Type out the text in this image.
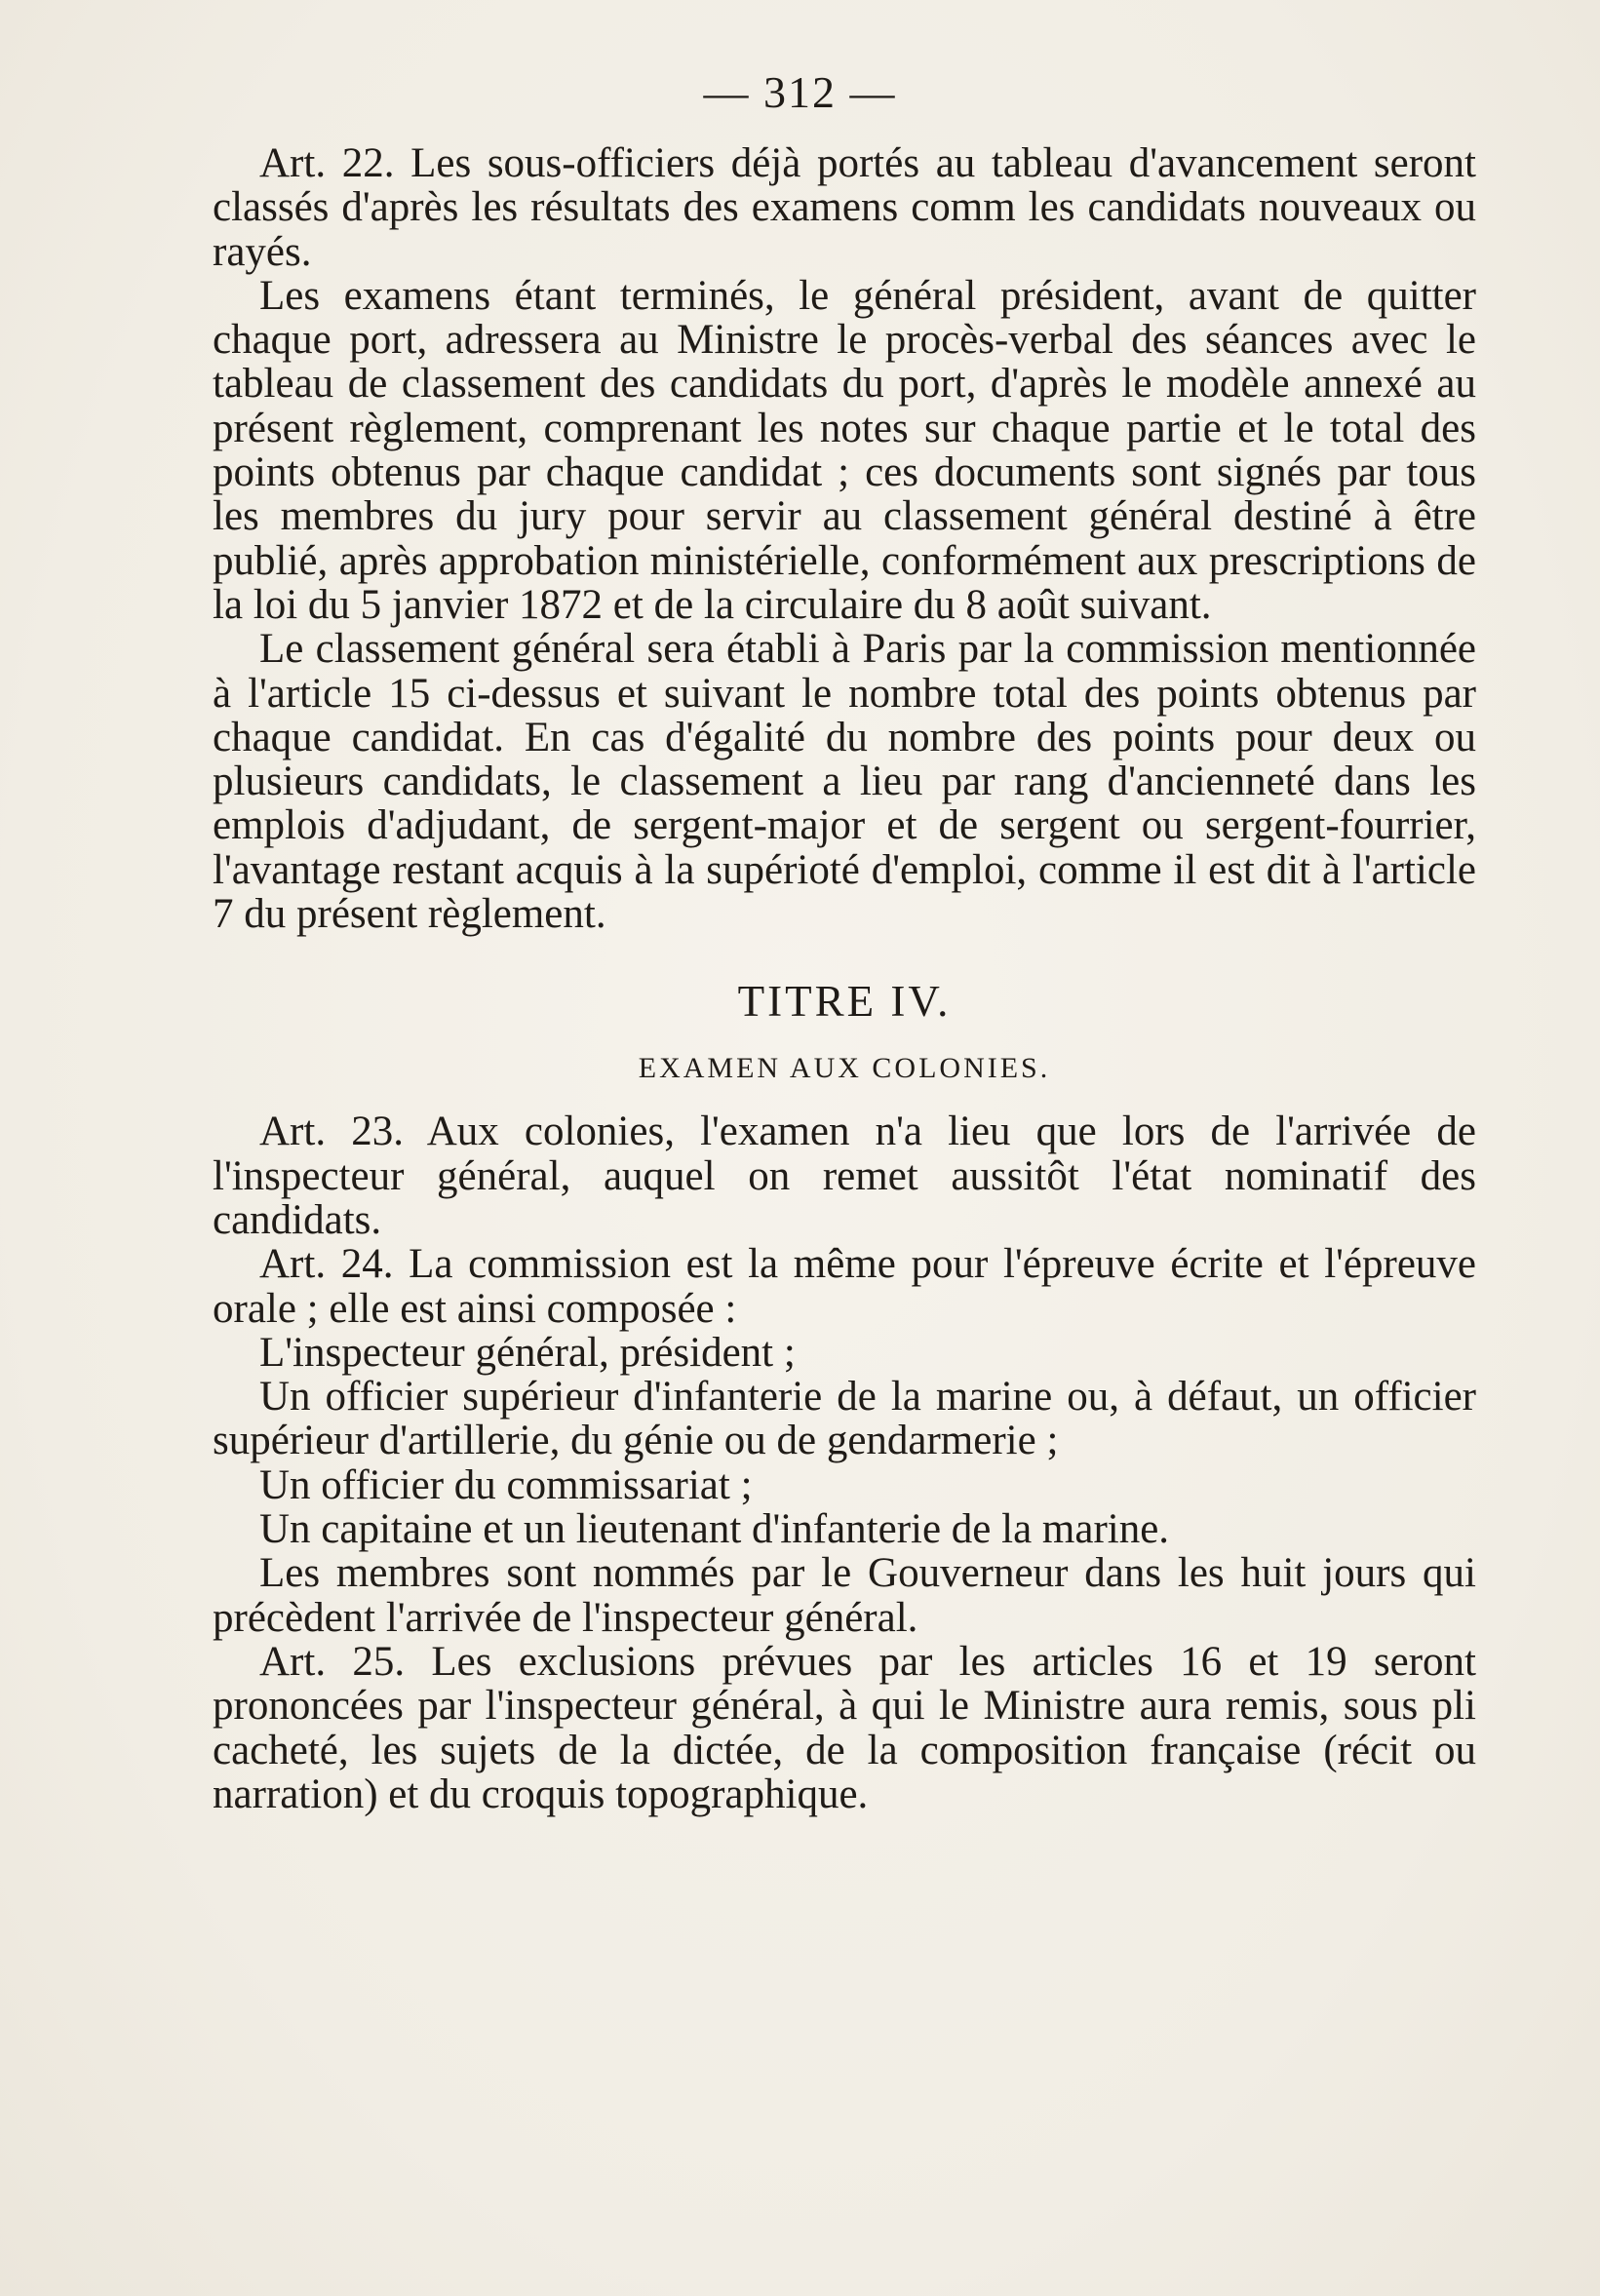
— 312 —

Art. 22. Les sous-officiers déjà portés au tableau d'avancement seront classés d'après les résultats des examens comm les candidats nouveaux ou rayés.

Les examens étant terminés, le général président, avant de quitter chaque port, adressera au Ministre le procès-verbal des séances avec le tableau de classement des candidats du port, d'après le modèle annexé au présent règlement, comprenant les notes sur chaque partie et le total des points obtenus par chaque candidat ; ces documents sont signés par tous les membres du jury pour servir au classement général destiné à être publié, après approbation ministérielle, conformément aux prescriptions de la loi du 5 janvier 1872 et de la circulaire du 8 août suivant.

Le classement général sera établi à Paris par la commission mentionnée à l'article 15 ci-dessus et suivant le nombre total des points obtenus par chaque candidat. En cas d'égalité du nombre des points pour deux ou plusieurs candidats, le classement a lieu par rang d'ancienneté dans les emplois d'adjudant, de sergent-major et de sergent ou sergent-fourrier, l'avantage restant acquis à la supérioté d'emploi, comme il est dit à l'article 7 du présent règlement.

TITRE IV.

EXAMEN AUX COLONIES.

Art. 23. Aux colonies, l'examen n'a lieu que lors de l'arrivée de l'inspecteur général, auquel on remet aussitôt l'état nominatif des candidats.

Art. 24. La commission est la même pour l'épreuve écrite et l'épreuve orale ; elle est ainsi composée :

L'inspecteur général, président ;

Un officier supérieur d'infanterie de la marine ou, à défaut, un officier supérieur d'artillerie, du génie ou de gendarmerie ;

Un officier du commissariat ;

Un capitaine et un lieutenant d'infanterie de la marine.

Les membres sont nommés par le Gouverneur dans les huit jours qui précèdent l'arrivée de l'inspecteur général.

Art. 25. Les exclusions prévues par les articles 16 et 19 seront prononcées par l'inspecteur général, à qui le Ministre aura remis, sous pli cacheté, les sujets de la dictée, de la composition française (récit ou narration) et du croquis topographique.
